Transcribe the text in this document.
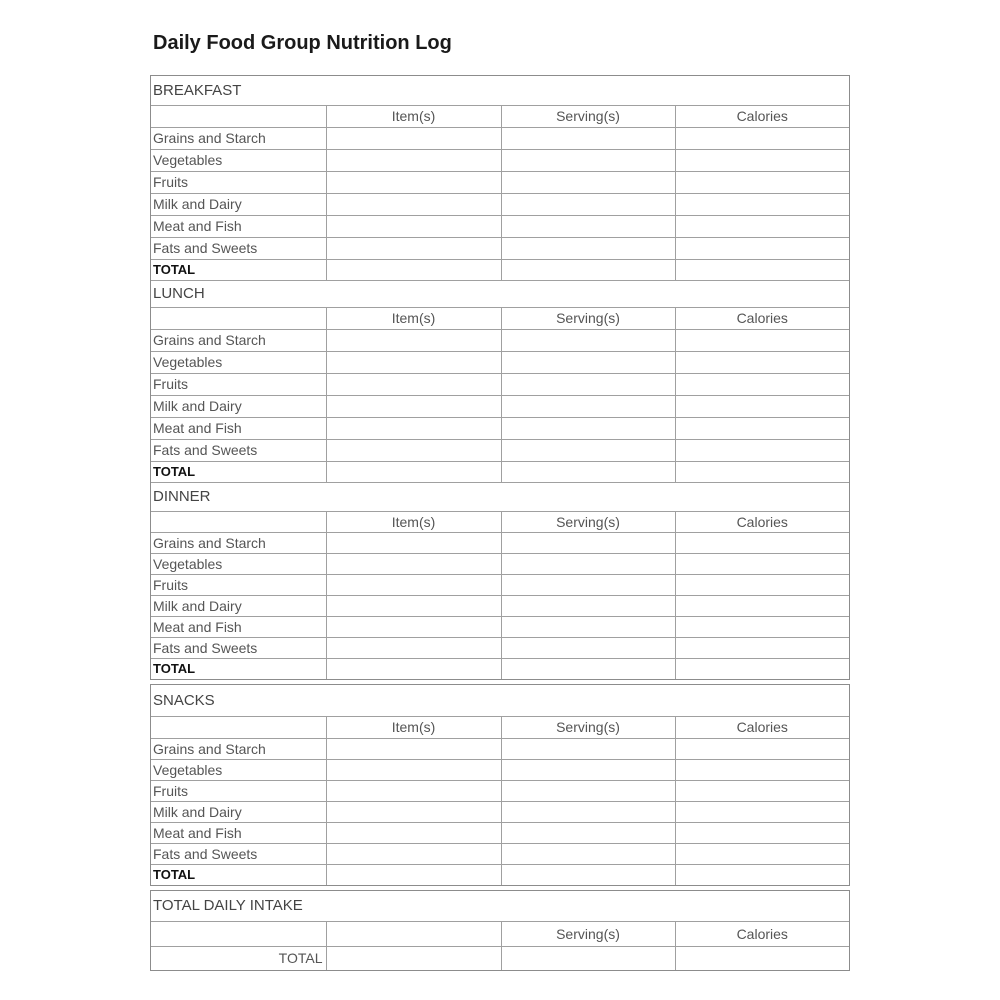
Daily Food Group Nutrition Log
BREAKFAST			
	Item(s)	Serving(s)	Calories
Grains and Starch			
Vegetables			
Fruits			
Milk and Dairy			
Meat and Fish			
Fats and Sweets			
TOTAL			
LUNCH			
	Item(s)	Serving(s)	Calories
Grains and Starch			
Vegetables			
Fruits			
Milk and Dairy			
Meat and Fish			
Fats and Sweets			
TOTAL			
DINNER			
	Item(s)	Serving(s)	Calories
Grains and Starch			
Vegetables			
Fruits			
Milk and Dairy			
Meat and Fish			
Fats and Sweets			
TOTAL			
SNACKS			
	Item(s)	Serving(s)	Calories
Grains and Starch			
Vegetables			
Fruits			
Milk and Dairy			
Meat and Fish			
Fats and Sweets			
TOTAL			
TOTAL DAILY INTAKE			
		Serving(s)	Calories
TOTAL			
